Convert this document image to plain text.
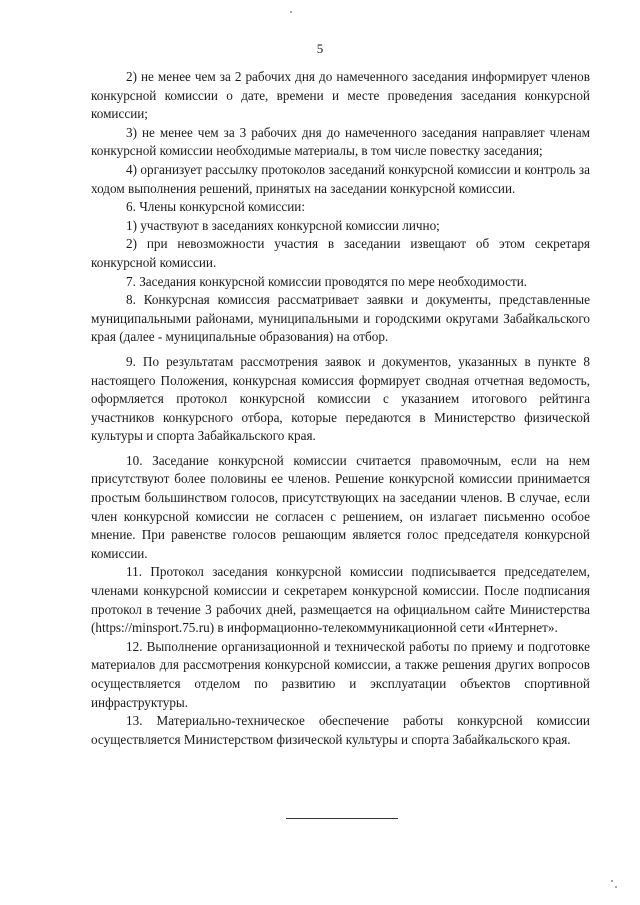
5

2) не менее чем за 2 рабочих дня до намеченного заседания информирует членов конкурсной комиссии о дате, времени и месте проведения заседания конкурсной комиссии;

3) не менее чем за 3 рабочих дня до намеченного заседания направляет членам конкурсной комиссии необходимые материалы, в том числе повестку заседания;

4) организует рассылку протоколов заседаний конкурсной комиссии и контроль за ходом выполнения решений, принятых на заседании конкурсной комиссии.

6. Члены конкурсной комиссии:

1) участвуют в заседаниях конкурсной комиссии лично;

2) при невозможности участия в заседании извещают об этом секретаря конкурсной комиссии.

7. Заседания конкурсной комиссии проводятся по мере необходимости.

8. Конкурсная комиссия рассматривает заявки и документы, представленные муниципальными районами, муниципальными и городскими округами Забайкальского края (далее - муниципальные образования) на отбор.

9. По результатам рассмотрения заявок и документов, указанных в пункте 8 настоящего Положения, конкурсная комиссия формирует сводная отчетная ведомость, оформляется протокол конкурсной комиссии с указанием итогового рейтинга участников конкурсного отбора, которые передаются в Министерство физической культуры и спорта Забайкальского края.

10. Заседание конкурсной комиссии считается правомочным, если на нем присутствуют более половины ее членов. Решение конкурсной комиссии принимается простым большинством голосов, присутствующих на заседании членов. В случае, если член конкурсной комиссии не согласен с решением, он излагает письменно особое мнение. При равенстве голосов решающим является голос председателя конкурсной комиссии.

11. Протокол заседания конкурсной комиссии подписывается председателем, членами конкурсной комиссии и секретарем конкурсной комиссии. После подписания протокол в течение 3 рабочих дней, размещается на официальном сайте Министерства (https://minsport.75.ru) в информационно-телекоммуникационной сети «Интернет».

12. Выполнение организационной и технической работы по приему и подготовке материалов для рассмотрения конкурсной комиссии, а также решения других вопросов осуществляется отделом по развитию и эксплуатации объектов спортивной инфраструктуры.

13. Материально-техническое обеспечение работы конкурсной комиссии осуществляется Министерством физической культуры и спорта Забайкальского края.
